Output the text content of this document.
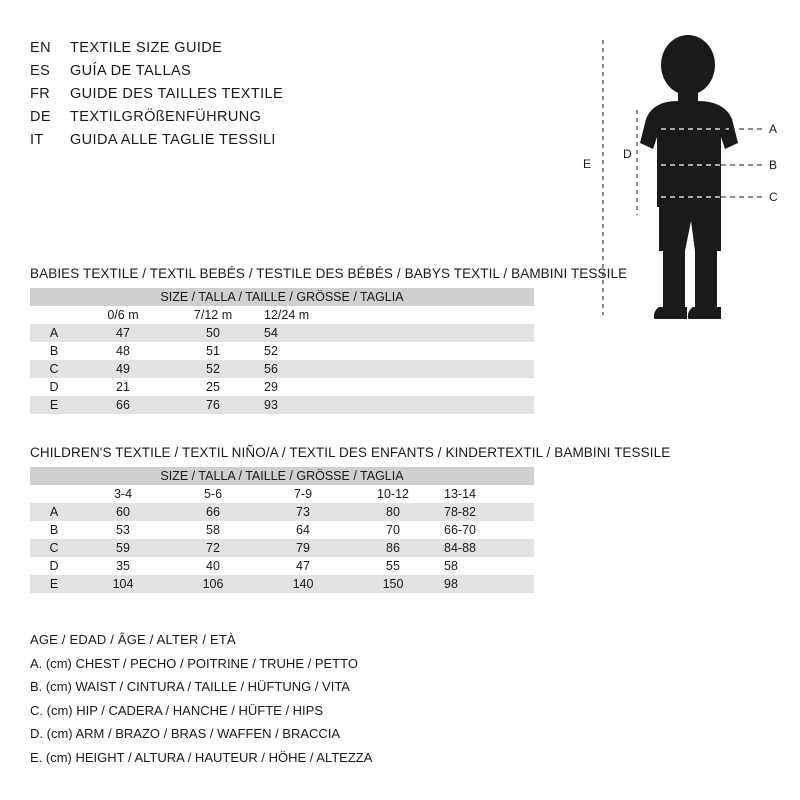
EN	TEXTILE SIZE GUIDE
ES	GUÍA DE TALLAS
FR	GUIDE DES TAILLES TEXTILE
DE	TEXTILGRÖßENFÜHRUNG
IT	GUIDA ALLE TAGLIE TESSILI
A
B
C
E
D
BABIES TEXTILE / TEXTIL BEBÉS / TESTILE DES BÉBÉS / BABYS TEXTIL / BAMBINI TESSILE
SIZE / TALLA / TAILLE / GRÖSSE / TAGLIA			
	0/6 m	7/12 m	12/24 m
A	47	50	54
B	48	51	52
C	49	52	56
D	21	25	29
E	66	76	93
CHILDREN'S TEXTILE / TEXTIL NIÑO/A / TEXTIL DES ENFANTS / KINDERTEXTIL / BAMBINI TESSILE
SIZE / TALLA / TAILLE / GRÖSSE / TAGLIA					
	3-4	5-6	7-9	10-12	13-14
A	60	66	73	80	78-82
B	53	58	64	70	66-70
C	59	72	79	86	84-88
D	35	40	47	55	58
E	104	106	140	150	98
AGE / EDAD / ÂGE / ALTER / ETÀ
A. (cm) CHEST / PECHO / POITRINE / TRUHE / PETTO
B. (cm) WAIST / CINTURA / TAILLE / HÜFTUNG / VITA
C. (cm) HIP / CADERA / HANCHE / HÜFTE / HIPS
D. (cm) ARM / BRAZO / BRAS / WAFFEN / BRACCIA
E. (cm) HEIGHT / ALTURA / HAUTEUR / HÖHE / ALTEZZA
